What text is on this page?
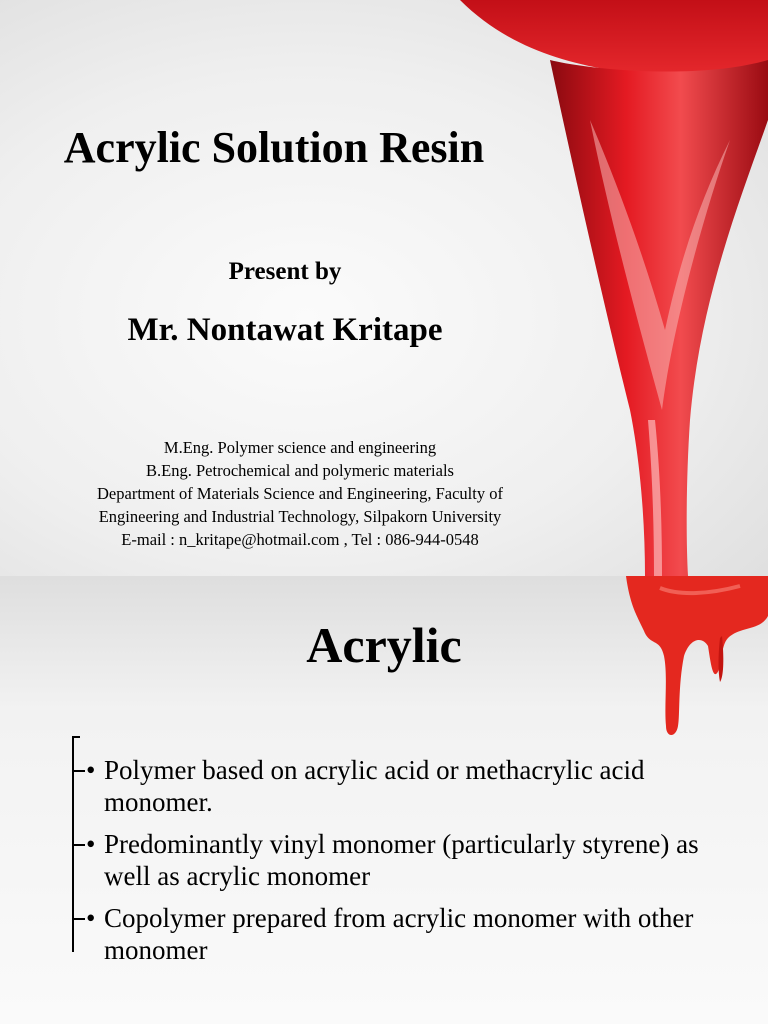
Acrylic Solution Resin
Present by
Mr. Nontawat Kritape
M.Eng. Polymer science and engineering
B.Eng. Petrochemical and polymeric materials
Department of Materials Science and Engineering, Faculty of
Engineering and Industrial Technology, Silpakorn University
E-mail : n_kritape@hotmail.com , Tel : 086-944-0548
Acrylic
• Polymer based on acrylic acid or methacrylic acid monomer.
• Predominantly vinyl monomer (particularly styrene) as well as acrylic monomer
• Copolymer prepared from acrylic monomer with other monomer
